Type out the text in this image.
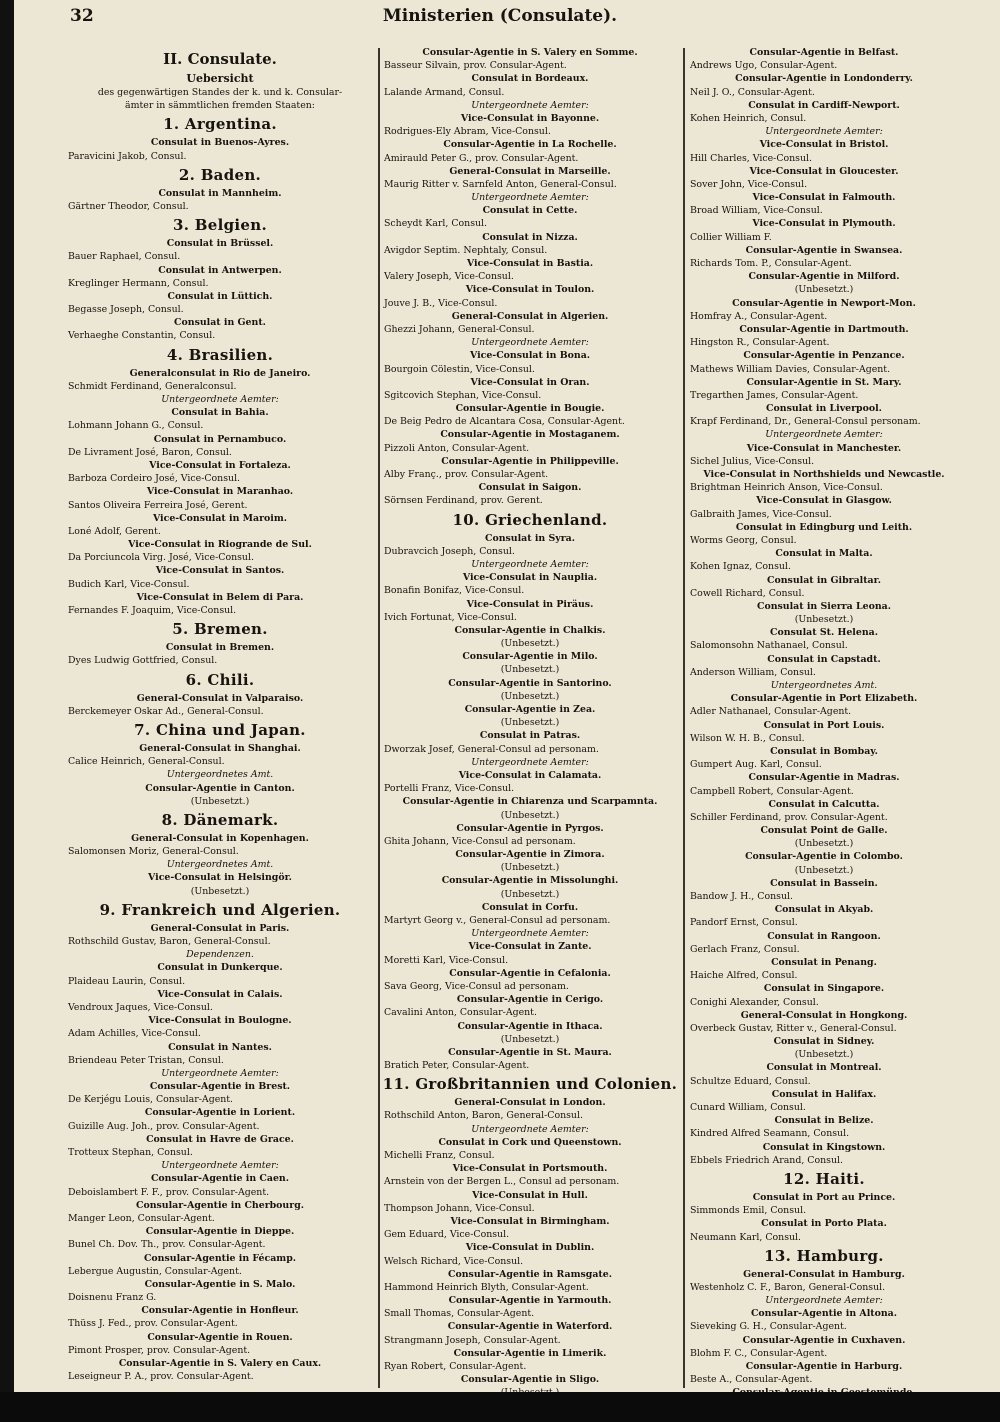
32	Ministerien (Consulate).
II. Consulate.
Uebersicht
des gegenwärtigen Standes der k. und k. Consular-
ämter in sämmtlichen fremden Staaten:
1. Argentina.
Consulat in Buenos-Ayres.
Paravicini Jakob, Consul.
2. Baden.
Consulat in Mannheim.
Gärtner Theodor, Consul.
3. Belgien.
Consulat in Brüssel.
Bauer Raphael, Consul.
Consulat in Antwerpen.
Kreglinger Hermann, Consul.
Consulat in Lüttich.
Begasse Joseph, Consul.
Consulat in Gent.
Verhaeghe Constantin, Consul.
4. Brasilien.
Generalconsulat in Rio de Janeiro.
Schmidt Ferdinand, Generalconsul.
Untergeordnete Aemter:
Consulat in Bahia.
Lohmann Johann G., Consul.
Consulat in Pernambuco.
De Livrament José, Baron, Consul.
Vice-Consulat in Fortaleza.
Barboza Cordeiro José, Vice-Consul.
Vice-Consulat in Maranhao.
Santos Oliveira Ferreira José, Gerent.
Vice-Consulat in Maroim.
Loné Adolf, Gerent.
Vice-Consulat in Riogrande de Sul.
Da Porciuncola Virg. José, Vice-Consul.
Vice-Consulat in Santos.
Budich Karl, Vice-Consul.
Vice-Consulat in Belem di Para.
Fernandes F. Joaquim, Vice-Consul.
5. Bremen.
Consulat in Bremen.
Dyes Ludwig Gottfried, Consul.
6. Chili.
General-Consulat in Valparaiso.
Berckemeyer Oskar Ad., General-Consul.
7. China und Japan.
General-Consulat in Shanghai.
Calice Heinrich, General-Consul.
Untergeordnetes Amt.
Consular-Agentie in Canton.
(Unbesetzt.)
8. Dänemark.
General-Consulat in Kopenhagen.
Salomonsen Moriz, General-Consul.
Untergeordnetes Amt.
Vice-Consulat in Helsingör.
(Unbesetzt.)
9. Frankreich und Algerien.
General-Consulat in Paris.
Rothschild Gustav, Baron, General-Consul.
Dependenzen.
Consulat in Dunkerque.
Plaideau Laurin, Consul.
Vice-Consulat in Calais.
Vendroux Jaques, Vice-Consul.
Vice-Consulat in Boulogne.
Adam Achilles, Vice-Consul.
Consulat in Nantes.
Briendeau Peter Tristan, Consul.
Untergeordnete Aemter:
Consular-Agentie in Brest.
De Kerjégu Louis, Consular-Agent.
Consular-Agentie in Lorient.
Guizille Aug. Joh., prov. Consular-Agent.
Consulat in Havre de Grace.
Trotteux Stephan, Consul.
Untergeordnete Aemter:
Consular-Agentie in Caen.
Deboislambert F. F., prov. Consular-Agent.
Consular-Agentie in Cherbourg.
Manger Leon, Consular-Agent.
Consular-Agentie in Dieppe.
Bunel Ch. Dov. Th., prov. Consular-Agent.
Consular-Agentie in Fécamp.
Lebergue Augustin, Consular-Agent.
Consular-Agentie in S. Malo.
Doisnenu Franz G.
Consular-Agentie in Honfleur.
Thüss J. Fed., prov. Consular-Agent.
Consular-Agentie in Rouen.
Pimont Prosper, prov. Consular-Agent.
Consular-Agentie in S. Valery en Caux.
Leseigneur P. A., prov. Consular-Agent.
Consular-Agentie in S. Valery en Somme.
Basseur Silvain, prov. Consular-Agent.
Consulat in Bordeaux.
Lalande Armand, Consul.
Untergeordnete Aemter:
Vice-Consulat in Bayonne.
Rodrigues-Ely Abram, Vice-Consul.
Consular-Agentie in La Rochelle.
Amirauld Peter G., prov. Consular-Agent.
General-Consulat in Marseille.
Maurig Ritter v. Sarnfeld Anton, General-Consul.
Untergeordnete Aemter:
Consulat in Cette.
Scheydt Karl, Consul.
Consulat in Nizza.
Avigdor Septim. Nephtaly, Consul.
Vice-Consulat in Bastia.
Valery Joseph, Vice-Consul.
Vice-Consulat in Toulon.
Jouve J. B., Vice-Consul.
General-Consulat in Algerien.
Ghezzi Johann, General-Consul.
Untergeordnete Aemter:
Vice-Consulat in Bona.
Bourgoin Cölestin, Vice-Consul.
Vice-Consulat in Oran.
Sgitcovich Stephan, Vice-Consul.
Consular-Agentie in Bougie.
De Beig Pedro de Alcantara Cosa, Consular-Agent.
Consular-Agentie in Mostaganem.
Pizzoli Anton, Consular-Agent.
Consular-Agentie in Philippeville.
Alby Franç., prov. Consular-Agent.
Consulat in Saigon.
Sörnsen Ferdinand, prov. Gerent.
10. Griechenland.
Consulat in Syra.
Dubravcich Joseph, Consul.
Untergeordnete Aemter:
Vice-Consulat in Nauplia.
Bonafin Bonifaz, Vice-Consul.
Vice-Consulat in Piräus.
Ivich Fortunat, Vice-Consul.
Consular-Agentie in Chalkis.
(Unbesetzt.)
Consular-Agentie in Milo.
(Unbesetzt.)
Consular-Agentie in Santorino.
(Unbesetzt.)
Consular-Agentie in Zea.
(Unbesetzt.)
Consulat in Patras.
Dworzak Josef, General-Consul ad personam.
Untergeordnete Aemter:
Vice-Consulat in Calamata.
Portelli Franz, Vice-Consul.
Consular-Agentie in Chiarenza und Scarpamnta.
(Unbesetzt.)
Consular-Agentie in Pyrgos.
Ghita Johann, Vice-Consul ad personam.
Consular-Agentie in Zimora.
(Unbesetzt.)
Consular-Agentie in Missolunghi.
(Unbesetzt.)
Consulat in Corfu.
Martyrt Georg v., General-Consul ad personam.
Untergeordnete Aemter:
Vice-Consulat in Zante.
Moretti Karl, Vice-Consul.
Consular-Agentie in Cefalonia.
Sava Georg, Vice-Consul ad personam.
Consular-Agentie in Cerigo.
Cavalini Anton, Consular-Agent.
Consular-Agentie in Ithaca.
(Unbesetzt.)
Consular-Agentie in St. Maura.
Bratich Peter, Consular-Agent.
11. Großbritannien und Colonien.
General-Consulat in London.
Rothschild Anton, Baron, General-Consul.
Untergeordnete Aemter:
Consulat in Cork und Queenstown.
Michelli Franz, Consul.
Vice-Consulat in Portsmouth.
Arnstein von der Bergen L., Consul ad personam.
Vice-Consulat in Hull.
Thompson Johann, Vice-Consul.
Vice-Consulat in Birmingham.
Gem Eduard, Vice-Consul.
Vice-Consulat in Dublin.
Welsch Richard, Vice-Consul.
Consular-Agentie in Ramsgate.
Hammond Heinrich Blyth, Consular-Agent.
Consular-Agentie in Yarmouth.
Small Thomas, Consular-Agent.
Consular-Agentie in Waterford.
Strangmann Joseph, Consular-Agent.
Consular-Agentie in Limerik.
Ryan Robert, Consular-Agent.
Consular-Agentie in Sligo.
Consular-Agentie in Belfast.
Andrews Ugo, Consular-Agent.
Consular-Agentie in Londonderry.
Neil J. O., Consular-Agent.
Consulat in Cardiff-Newport.
Kohen Heinrich, Consul.
Untergeordnete Aemter:
Vice-Consulat in Bristol.
Hill Charles, Vice-Consul.
Vice-Consulat in Gloucester.
Sover John, Vice-Consul.
Vice-Consulat in Falmouth.
Broad William, Vice-Consul.
Vice-Consulat in Plymouth.
Collier William F.
Consular-Agentie in Swansea.
Richards Tom. P., Consular-Agent.
Consular-Agentie in Milford.
(Unbesetzt.)
Consular-Agentie in Newport-Mon.
Homfray A., Consular-Agent.
Consular-Agentie in Dartmouth.
Hingston R., Consular-Agent.
Consular-Agentie in Penzance.
Mathews William Davies, Consular-Agent.
Consular-Agentie in St. Mary.
Tregarthen James, Consular-Agent.
Consulat in Liverpool.
Krapf Ferdinand, Dr., General-Consul personam.
Untergeordnete Aemter:
Vice-Consulat in Manchester.
Sichel Julius, Vice-Consul.
Vice-Consulat in Northshields und Newcastle.
Brightman Heinrich Anson, Vice-Consul.
Vice-Consulat in Glasgow.
Galbraith James, Vice-Consul.
Consulat in Edingburg und Leith.
Worms Georg, Consul.
Consulat in Malta.
Kohen Ignaz, Consul.
Consulat in Gibraltar.
Cowell Richard, Consul.
Consulat in Sierra Leona.
(Unbesetzt.)
Consulat St. Helena.
Salomonsohn Nathanael, Consul.
Consulat in Capstadt.
Anderson William, Consul.
Untergeordnetes Amt.
Consular-Agentie in Port Elizabeth.
Adler Nathanael, Consular-Agent.
Consulat in Port Louis.
Wilson W. H. B., Consul.
Consulat in Bombay.
Gumpert Aug. Karl, Consul.
Consular-Agentie in Madras.
Campbell Robert, Consular-Agent.
Consulat in Calcutta.
Schiller Ferdinand, prov. Consular-Agent.
Consulat Point de Galle.
(Unbesetzt.)
Consular-Agentie in Colombo.
(Unbesetzt.)
Consulat in Bassein.
Bandow J. H., Consul.
Consulat in Akyab.
Pandorf Ernst, Consul.
Consulat in Rangoon.
Gerlach Franz, Consul.
Consulat in Penang.
Haiche Alfred, Consul.
Consulat in Singapore.
Conighi Alexander, Consul.
General-Consulat in Hongkong.
Overbeck Gustav, Ritter v., General-Consul.
Consulat in Sidney.
(Unbesetzt.)
Consulat in Montreal.
Schultze Eduard, Consul.
Consulat in Halifax.
Cunard William, Consul.
Consulat in Belize.
Kindred Alfred Seamann, Consul.
Consulat in Kingstown.
Ebbels Friedrich Arand, Consul.
12. Haiti.
Consulat in Port au Prince.
Simmonds Emil, Consul.
Consulat in Porto Plata.
Neumann Karl, Consul.
13. Hamburg.
General-Consulat in Hamburg.
Westenholz C. F., Baron, General-Consul.
Untergeordnete Aemter:
Consular-Agentie in Altona.
Sieveking G. H., Consular-Agent.
Consular-Agentie in Cuxhaven.
Blohm F. C., Consular-Agent.
Consular-Agentie in Harburg.
Beste A., Consular-Agent.
